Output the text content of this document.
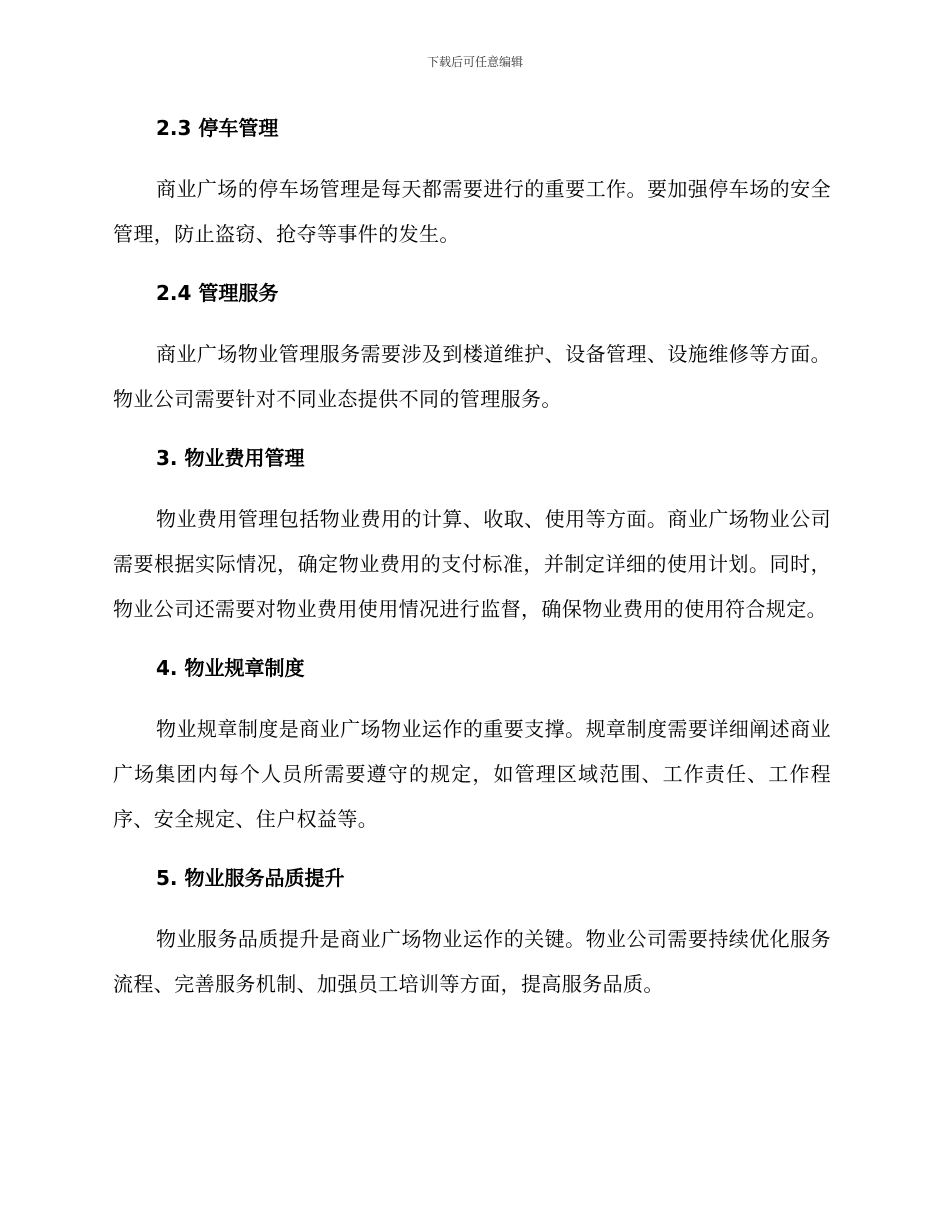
下载后可任意编辑
2.3 停车管理

商业广场的停车场管理是每天都需要进行的重要工作。要加强停车场的安全管理，防止盗窃、抢夺等事件的发生。

2.4 管理服务

商业广场物业管理服务需要涉及到楼道维护、设备管理、设施维修等方面。物业公司需要针对不同业态提供不同的管理服务。

3. 物业费用管理

物业费用管理包括物业费用的计算、收取、使用等方面。商业广场物业公司需要根据实际情况，确定物业费用的支付标准，并制定详细的使用计划。同时，物业公司还需要对物业费用使用情况进行监督，确保物业费用的使用符合规定。

4. 物业规章制度

物业规章制度是商业广场物业运作的重要支撑。规章制度需要详细阐述商业广场集团内每个人员所需要遵守的规定，如管理区域范围、工作责任、工作程序、安全规定、住户权益等。

5. 物业服务品质提升

物业服务品质提升是商业广场物业运作的关键。物业公司需要持续优化服务流程、完善服务机制、加强员工培训等方面，提高服务品质。
